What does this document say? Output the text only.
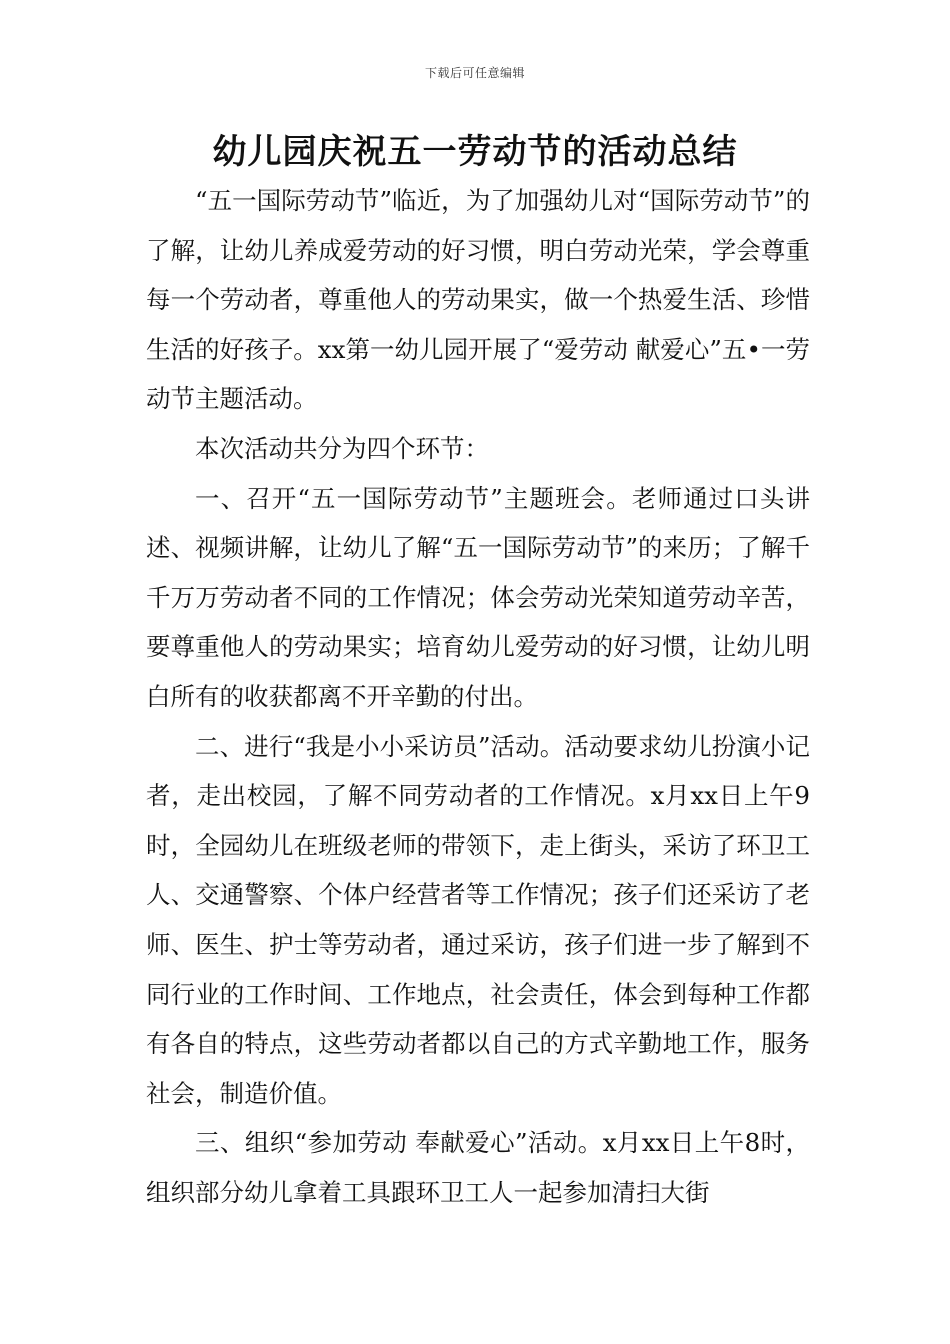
下载后可任意编辑
幼儿园庆祝五一劳动节的活动总结

“五一国际劳动节”临近，为了加强幼儿对“国际劳动节”的了解，让幼儿养成爱劳动的好习惯，明白劳动光荣，学会尊重每一个劳动者，尊重他人的劳动果实，做一个热爱生活、珍惜生活的好孩子。xx第一幼儿园开展了“爱劳动 献爱心”五•一劳动节主题活动。

本次活动共分为四个环节：

一、召开“五一国际劳动节”主题班会。老师通过口头讲述、视频讲解，让幼儿了解“五一国际劳动节”的来历；了解千千万万劳动者不同的工作情况；体会劳动光荣知道劳动辛苦，要尊重他人的劳动果实；培育幼儿爱劳动的好习惯，让幼儿明白所有的收获都离不开辛勤的付出。

二、进行“我是小小采访员”活动。活动要求幼儿扮演小记者，走出校园，了解不同劳动者的工作情况。x月xx日上午9时，全园幼儿在班级老师的带领下，走上街头，采访了环卫工人、交通警察、个体户经营者等工作情况；孩子们还采访了老师、医生、护士等劳动者，通过采访，孩子们进一步了解到不同行业的工作时间、工作地点，社会责任，体会到每种工作都有各自的特点，这些劳动者都以自己的方式辛勤地工作，服务社会，制造价值。

三、组织“参加劳动 奉献爱心”活动。x月xx日上午8时，组织部分幼儿拿着工具跟环卫工人一起参加清扫大街
